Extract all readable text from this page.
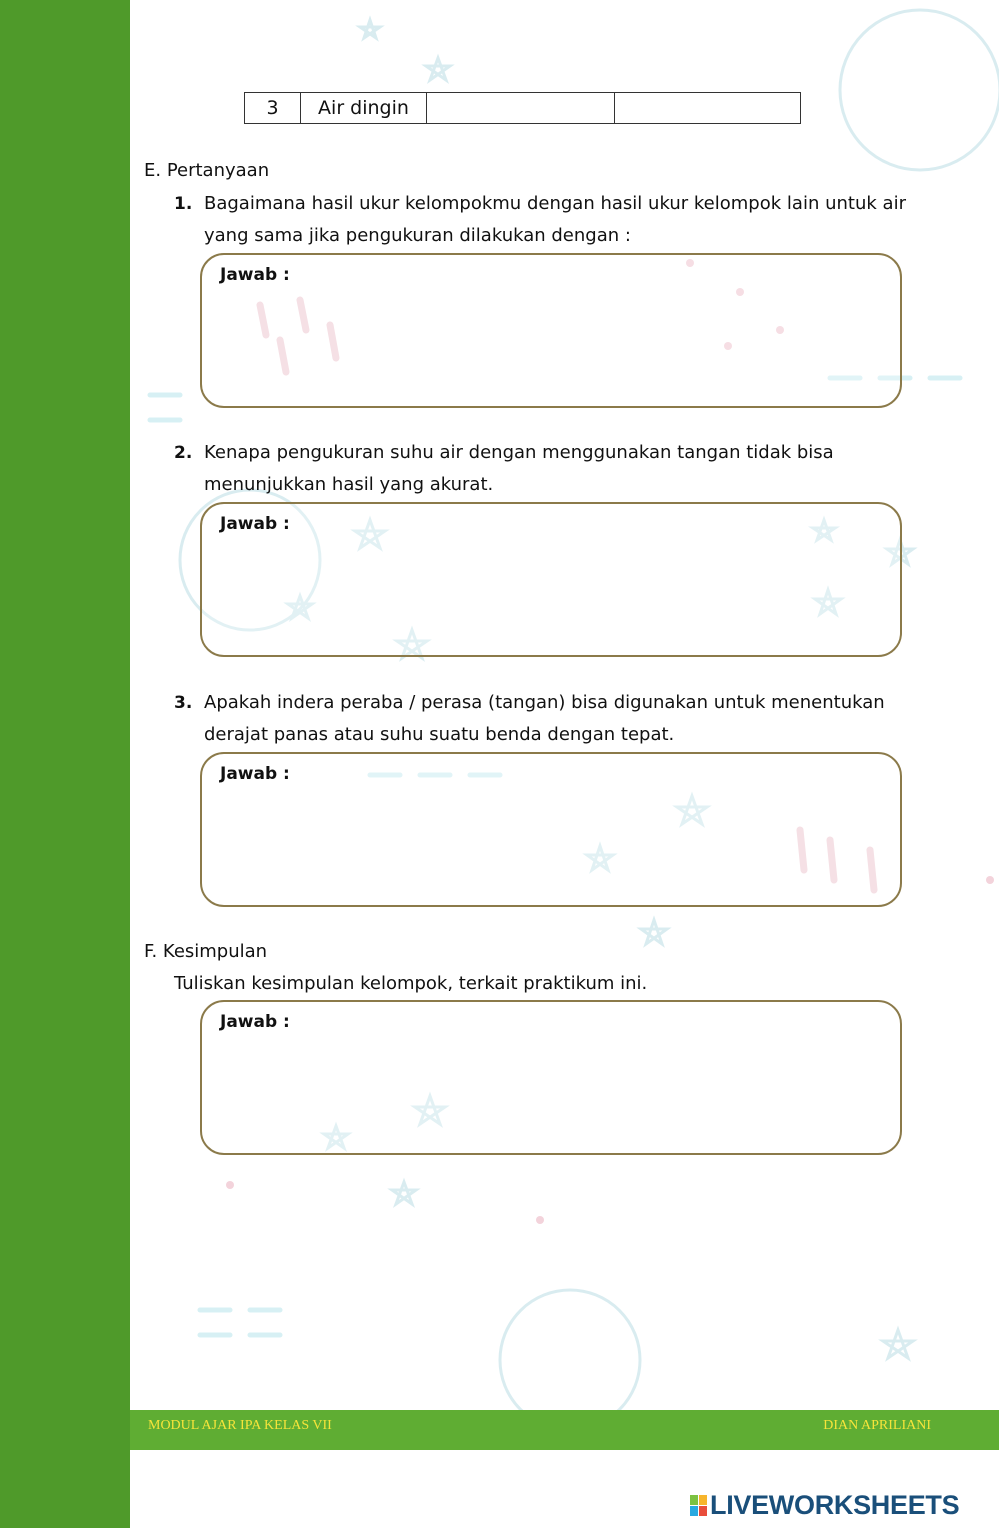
3	Air dingin		
E. Pertanyaan
1. Bagaimana hasil ukur kelompokmu dengan hasil ukur kelompok lain untuk air yang sama jika pengukuran dilakukan dengan :
Jawab :
2. Kenapa pengukuran suhu air dengan menggunakan tangan tidak bisa menunjukkan hasil yang akurat.
Jawab :
3. Apakah indera peraba / perasa (tangan) bisa digunakan untuk menentukan derajat panas atau suhu suatu benda dengan tepat.
Jawab :
F. Kesimpulan
Tuliskan kesimpulan kelompok, terkait praktikum ini.
Jawab :
MODUL AJAR IPA KELAS VII	DIAN APRILIANI
LIVEWORKSHEETS
